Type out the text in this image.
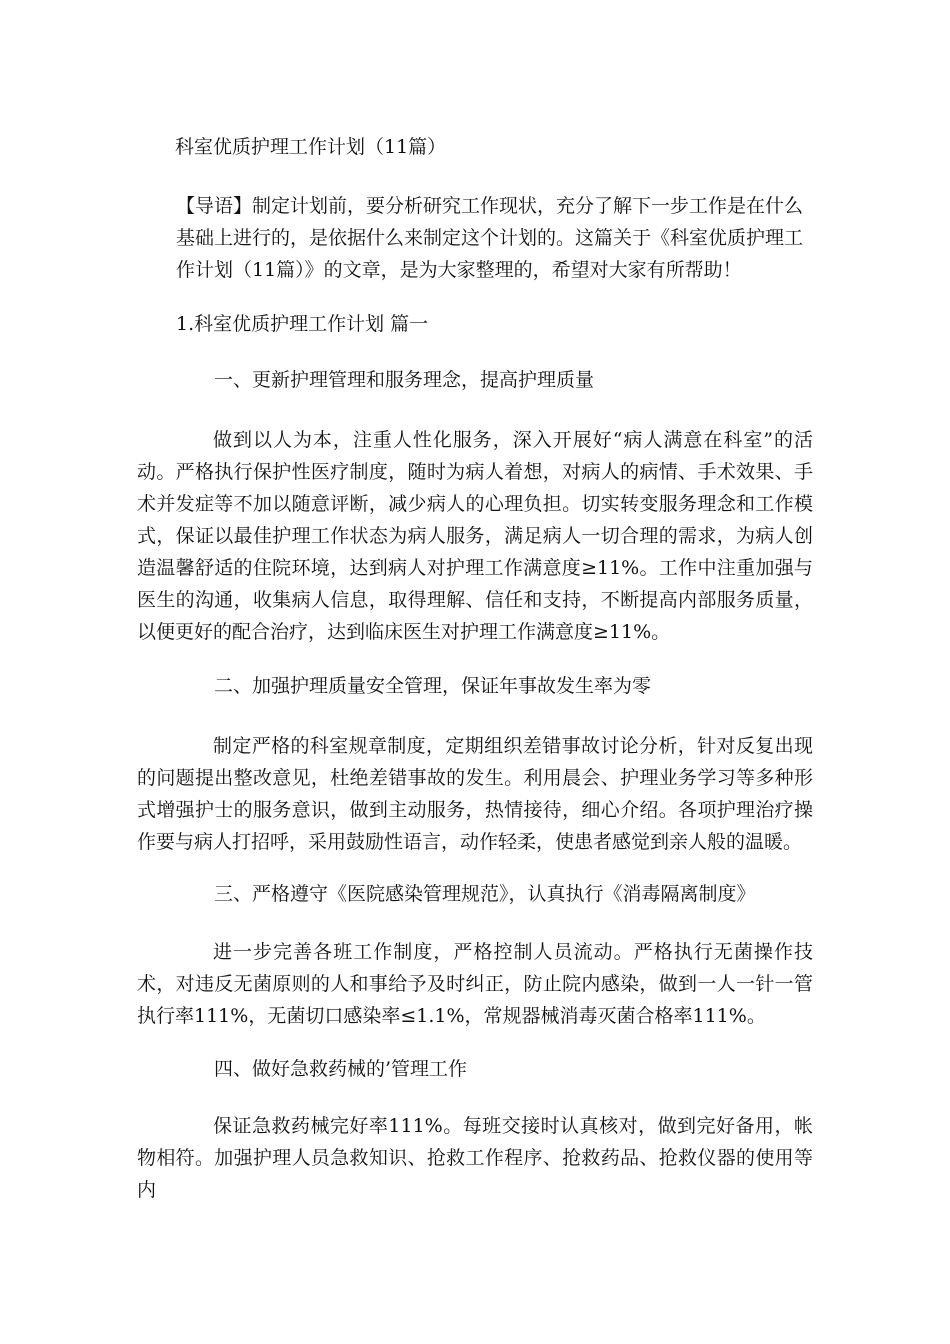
科室优质护理工作计划（11篇）
【导语】制定计划前，要分析研究工作现状，充分了解下一步工作是在什么基础上进行的，是依据什么来制定这个计划的。这篇关于《科室优质护理工作计划（11篇）》的文章，是为大家整理的，希望对大家有所帮助！
1.科室优质护理工作计划 篇一
一、更新护理管理和服务理念，提高护理质量
做到以人为本，注重人性化服务，深入开展好“病人满意在科室”的活动。严格执行保护性医疗制度，随时为病人着想，对病人的病情、手术效果、手术并发症等不加以随意评断，减少病人的心理负担。切实转变服务理念和工作模式，保证以最佳护理工作状态为病人服务，满足病人一切合理的需求，为病人创造温馨舒适的住院环境，达到病人对护理工作满意度≥11%。工作中注重加强与医生的沟通，收集病人信息，取得理解、信任和支持，不断提高内部服务质量，以便更好的配合治疗，达到临床医生对护理工作满意度≥11%。
二、加强护理质量安全管理，保证年事故发生率为零
制定严格的科室规章制度，定期组织差错事故讨论分析，针对反复出现的问题提出整改意见，杜绝差错事故的发生。利用晨会、护理业务学习等多种形式增强护士的服务意识，做到主动服务，热情接待，细心介绍。各项护理治疗操作要与病人打招呼，采用鼓励性语言，动作轻柔，使患者感觉到亲人般的温暖。
三、严格遵守《医院感染管理规范》，认真执行《消毒隔离制度》
进一步完善各班工作制度，严格控制人员流动。严格执行无菌操作技术，对违反无菌原则的人和事给予及时纠正，防止院内感染，做到一人一针一管执行率111%，无菌切口感染率≤1.1%，常规器械消毒灭菌合格率111%。
四、做好急救药械的’管理工作
保证急救药械完好率111%。每班交接时认真核对，做到完好备用，帐物相符。加强护理人员急救知识、抢救工作程序、抢救药品、抢救仪器的使用等内
